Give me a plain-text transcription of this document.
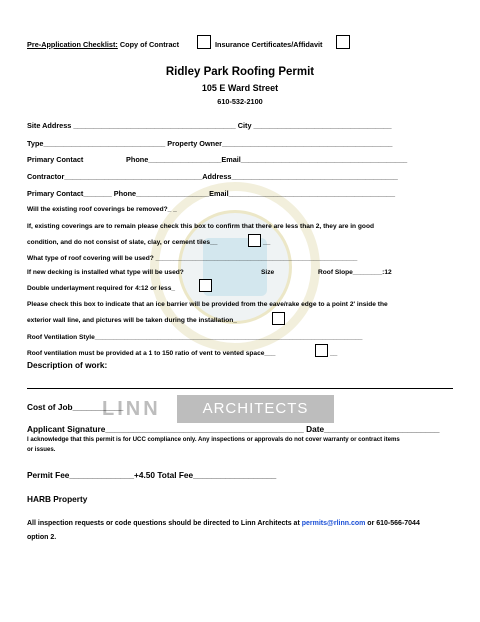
Pre-Application Checklist: Copy of Contract	Insurance Certificates/Affidavit
Ridley Park Roofing Permit
105 E Ward Street
610-532-2100
Site Address ________________________________________ City __________________________________
Type______________________________ Property Owner__________________________________________
Primary Contact	Phone__________________Email_________________________________________
Contractor__________________________________Address_________________________________________
Primary Contact_______ Phone__________________Email_________________________________________
Will the existing roof coverings be removed?_ _
If, existing coverings are to remain please check this box to confirm that there are less than 2, they are in good
condition, and do not consist of slate, clay, or cement tiles__	__
What type of roof covering will be used? _______________________________________________________
If new decking is installed what type will be used?	Size	Roof Slope________:12
Double underlayment required for 4:12 or less_
Please check this box to indicate that an ice barrier will be provided from the eave/rake edge to a point 2' inside the
exterior wall line, and pictures will be taken during the installation_
Roof Ventilation Style_________________________________________________________________________
Roof ventilation must be provided at a 1 to 150 ratio of vent to vented space___	__
Description of work:
LINN	ARCHITECTS
Cost of Job___________
Applicant Signature___________________________________________ Date_________________________
I acknowledge that this permit is for UCC compliance only. Any inspections or approvals do not cover warranty or contract items
or issues.
Permit Fee______________+4.50 Total Fee__________________
HARB Property
All inspection requests or code questions should be directed to Linn Architects at permits@rlinn.com or 610-566-7044
option 2.
